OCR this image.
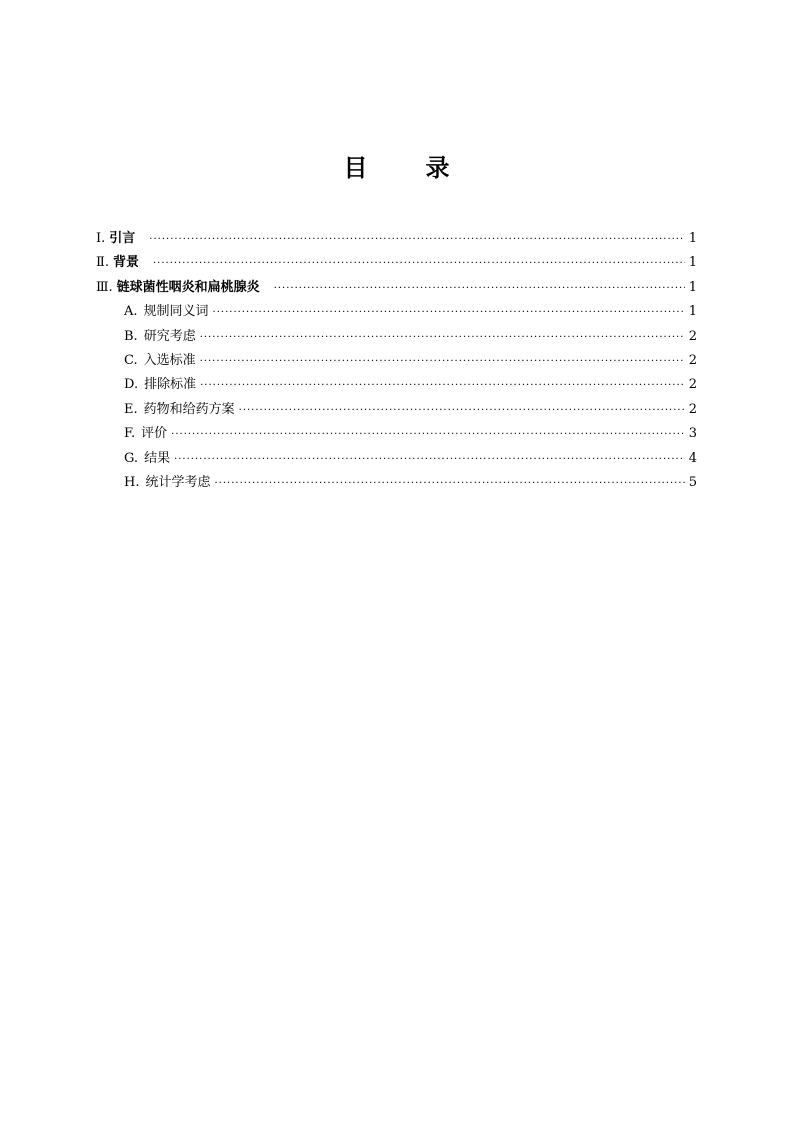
目 录
Ⅰ. 引言 ·····	1
Ⅱ. 背景 ·····	1
Ⅲ. 链球菌性咽炎和扁桃腺炎 ·····	1
A. 规制同义词 ·····	1
B. 研究考虑 ·····	2
C. 入选标准 ·····	2
D. 排除标准 ·····	2
E. 药物和给药方案 ·····	2
F. 评价 ·····	3
G. 结果 ·····	4
H. 统计学考虑 ·····	5
